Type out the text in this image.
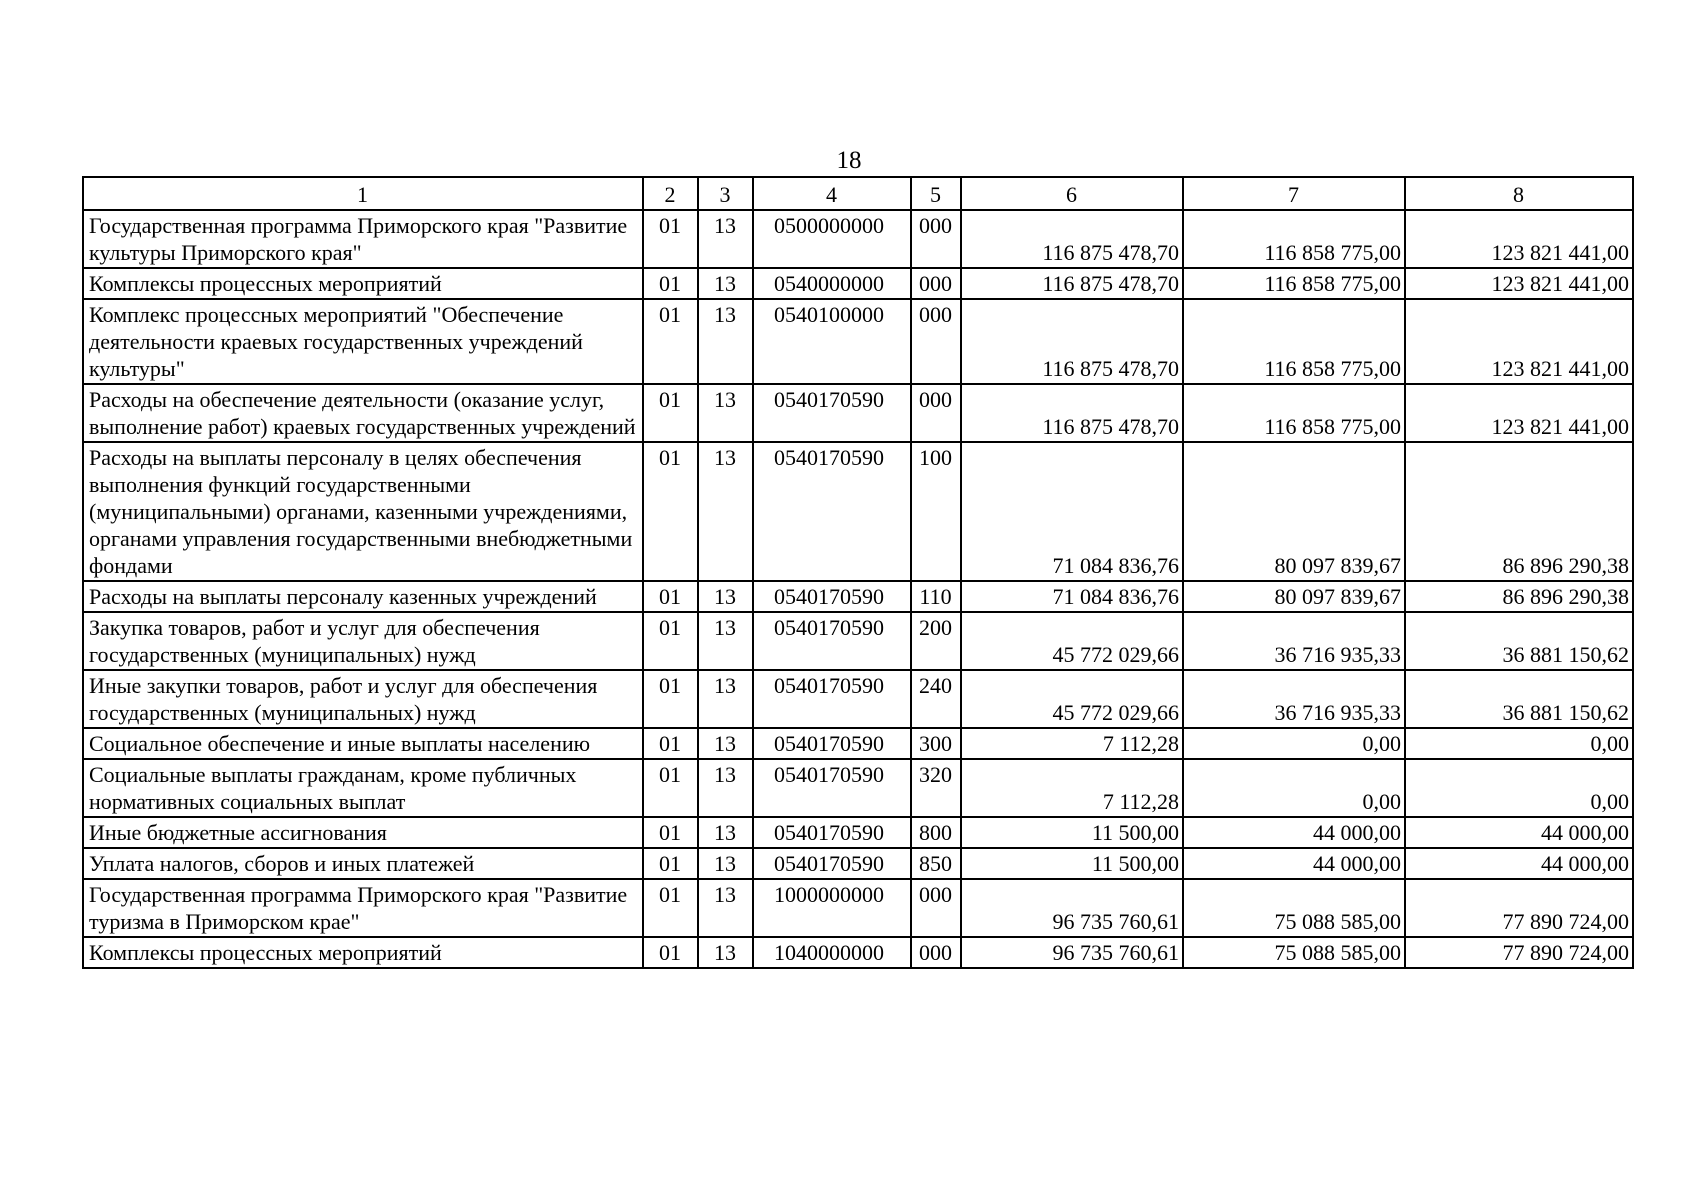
18
1	2	3	4	5	6	7	8
Государственная программа Приморского края "Развитие культуры Приморского края"	01	13	0500000000	000	116 875 478,70	116 858 775,00	123 821 441,00
Комплексы процессных мероприятий	01	13	0540000000	000	116 875 478,70	116 858 775,00	123 821 441,00
Комплекс процессных мероприятий "Обеспечение деятельности краевых государственных учреждений культуры"	01	13	0540100000	000	116 875 478,70	116 858 775,00	123 821 441,00
Расходы на обеспечение деятельности (оказание услуг, выполнение работ) краевых государственных учреждений	01	13	0540170590	000	116 875 478,70	116 858 775,00	123 821 441,00
Расходы на выплаты персоналу в целях обеспечения выполнения функций государственными (муниципальными) органами, казенными учреждениями, органами управления государственными внебюджетными фондами	01	13	0540170590	100	71 084 836,76	80 097 839,67	86 896 290,38
Расходы на выплаты персоналу казенных учреждений	01	13	0540170590	110	71 084 836,76	80 097 839,67	86 896 290,38
Закупка товаров, работ и услуг для обеспечения государственных (муниципальных) нужд	01	13	0540170590	200	45 772 029,66	36 716 935,33	36 881 150,62
Иные закупки товаров, работ и услуг для обеспечения государственных (муниципальных) нужд	01	13	0540170590	240	45 772 029,66	36 716 935,33	36 881 150,62
Социальное обеспечение и иные выплаты населению	01	13	0540170590	300	7 112,28	0,00	0,00
Социальные выплаты гражданам, кроме публичных нормативных социальных выплат	01	13	0540170590	320	7 112,28	0,00	0,00
Иные бюджетные ассигнования	01	13	0540170590	800	11 500,00	44 000,00	44 000,00
Уплата налогов, сборов и иных платежей	01	13	0540170590	850	11 500,00	44 000,00	44 000,00
Государственная программа Приморского края "Развитие туризма в Приморском крае"	01	13	1000000000	000	96 735 760,61	75 088 585,00	77 890 724,00
Комплексы процессных мероприятий	01	13	1040000000	000	96 735 760,61	75 088 585,00	77 890 724,00
